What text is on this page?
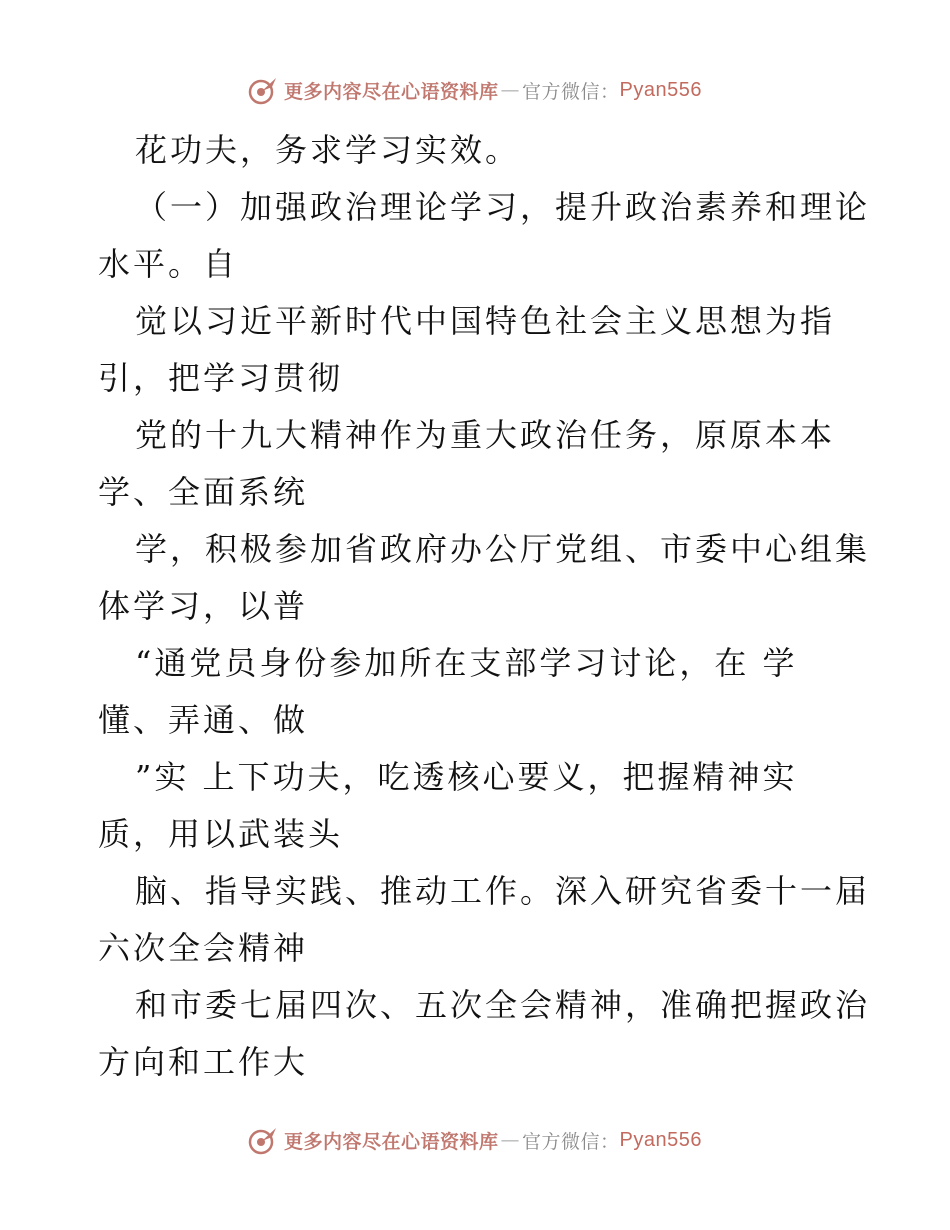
更多内容尽在心语资料库 — 官方微信： Pyan556
花功夫，务求学习实效。
（一）加强政治理论学习，提升政治素养和理论
水平。自
觉以习近平新时代中国特色社会主义思想为指
引，把学习贯彻
党的十九大精神作为重大政治任务，原原本本
学、全面系统
学，积极参加省政府办公厅党组、市委中心组集
体学习，以普
“通党员身份参加所在支部学习讨论，在 学
懂、弄通、做
”实 上下功夫，吃透核心要义，把握精神实
质，用以武装头
脑、指导实践、推动工作。深入研究省委十一届
六次全会精神
和市委七届四次、五次全会精神，准确把握政治
方向和工作大
更多内容尽在心语资料库 — 官方微信： Pyan556
